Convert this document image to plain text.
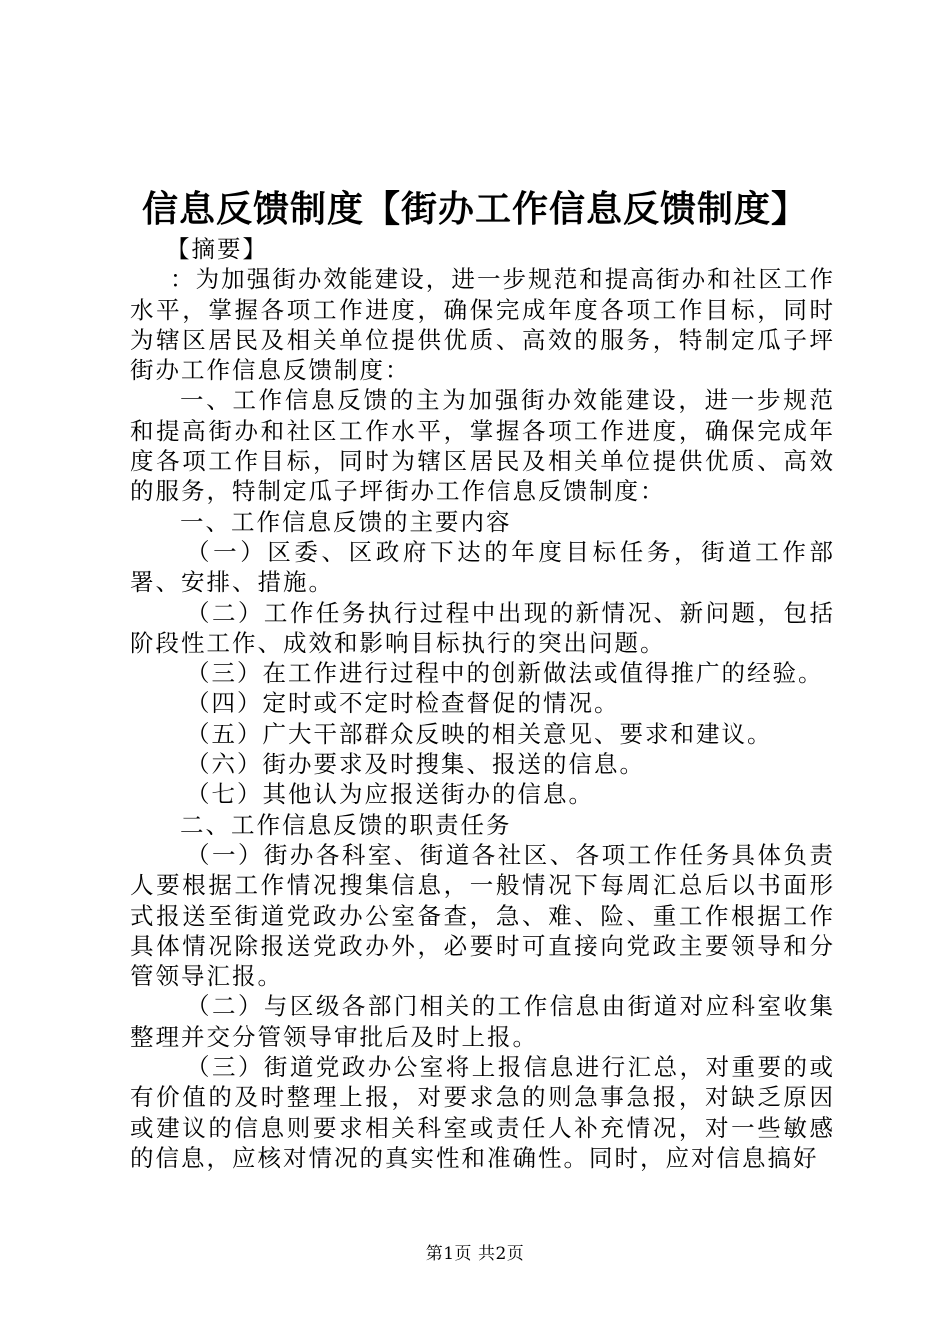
信息反馈制度【街办工作信息反馈制度】

【摘要】

：为加强街办效能建设，进一步规范和提高街办和社区工作水平，掌握各项工作进度，确保完成年度各项工作目标，同时为辖区居民及相关单位提供优质、高效的服务，特制定瓜子坪街办工作信息反馈制度：

一、工作信息反馈的主为加强街办效能建设，进一步规范和提高街办和社区工作水平，掌握各项工作进度，确保完成年度各项工作目标，同时为辖区居民及相关单位提供优质、高效的服务，特制定瓜子坪街办工作信息反馈制度：

一、工作信息反馈的主要内容

（一）区委、区政府下达的年度目标任务，街道工作部署、安排、措施。

（二）工作任务执行过程中出现的新情况、新问题，包括阶段性工作、成效和影响目标执行的突出问题。

（三）在工作进行过程中的创新做法或值得推广的经验。

（四）定时或不定时检查督促的情况。

（五）广大干部群众反映的相关意见、要求和建议。

（六）街办要求及时搜集、报送的信息。

（七）其他认为应报送街办的信息。

二、工作信息反馈的职责任务

（一）街办各科室、街道各社区、各项工作任务具体负责人要根据工作情况搜集信息，一般情况下每周汇总后以书面形式报送至街道党政办公室备查，急、难、险、重工作根据工作具体情况除报送党政办外，必要时可直接向党政主要领导和分管领导汇报。

（二）与区级各部门相关的工作信息由街道对应科室收集整理并交分管领导审批后及时上报。

（三）街道党政办公室将上报信息进行汇总，对重要的或有价值的及时整理上报，对要求急的则急事急报，对缺乏原因或建议的信息则要求相关科室或责任人补充情况，对一些敏感的信息，应核对情况的真实性和准确性。同时，应对信息搞好

第1页 共2页
